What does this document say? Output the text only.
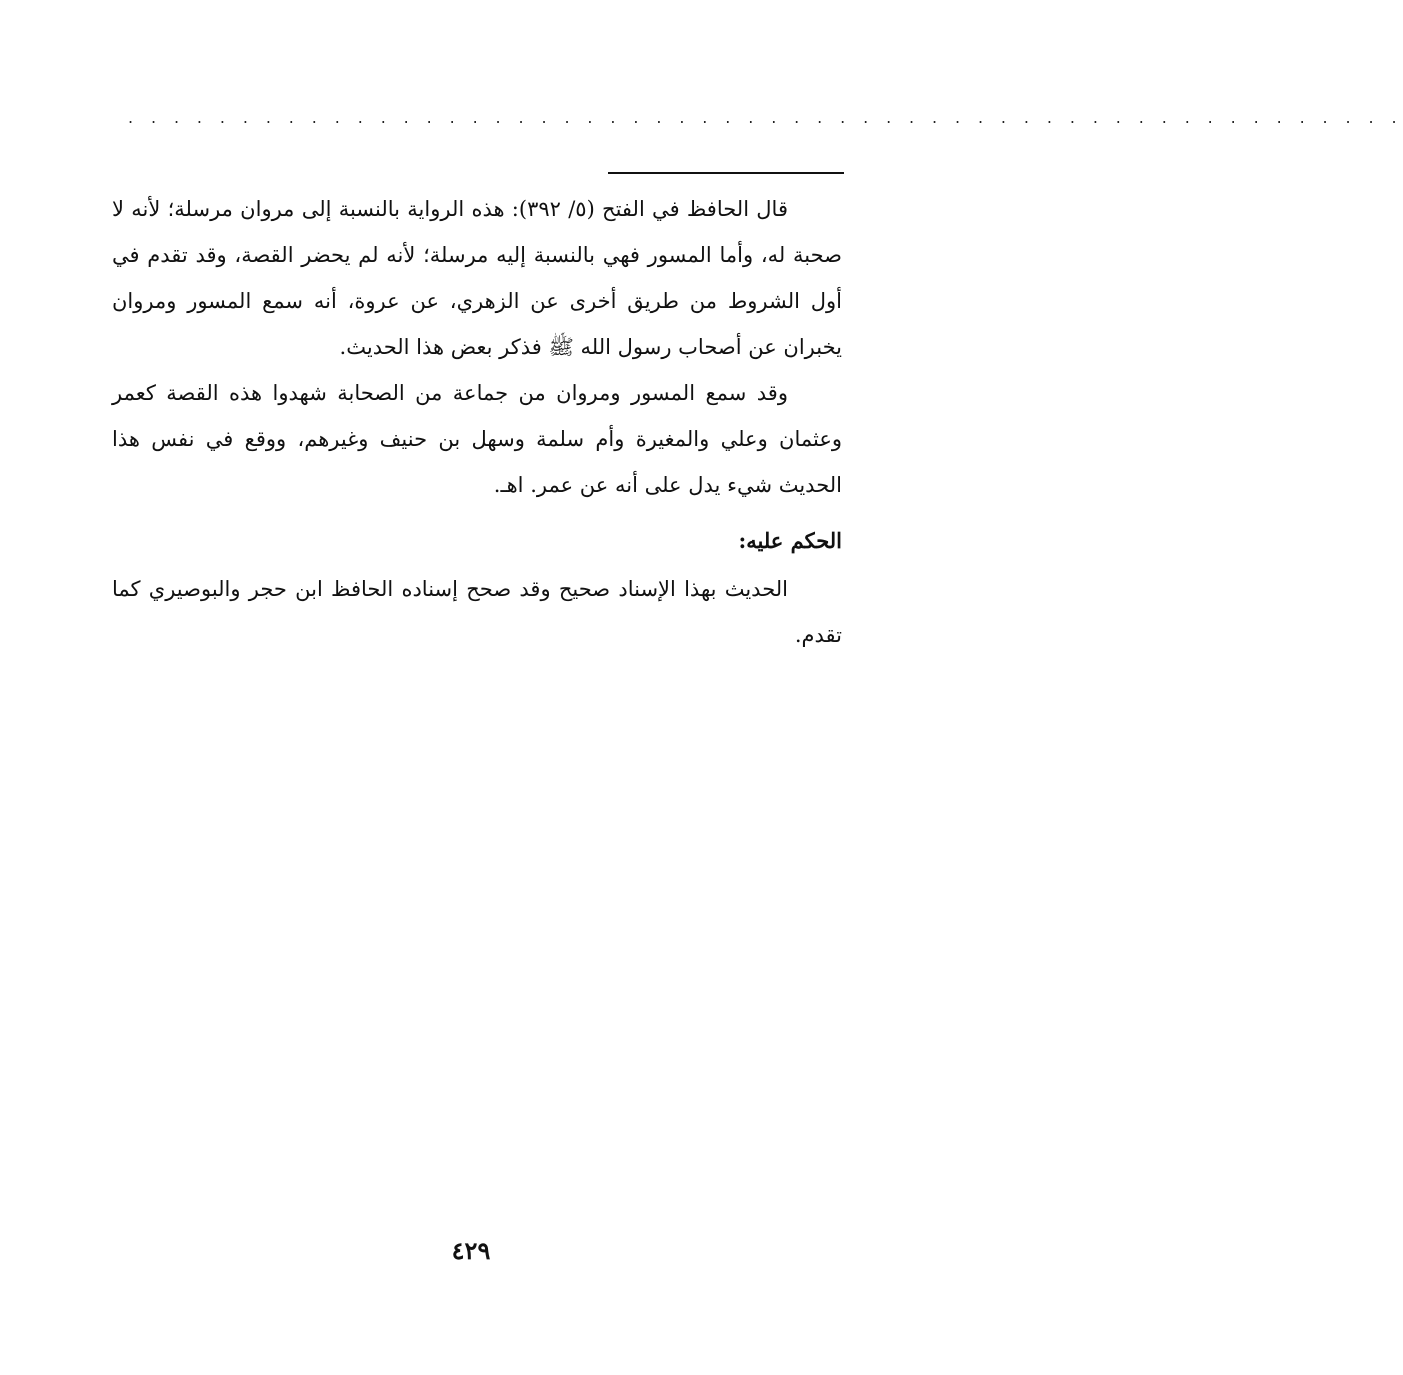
. . . . . . . . . . . . . . . . . . . . . . . . . . . . . . . . . . . . . . . . . . . . . . . . . . . . . . . .

قال الحافظ في الفتح (٥/ ٣٩٢): هذه الرواية بالنسبة إلى مروان مرسلة؛ لأنه لا صحبة له، وأما المسور فهي بالنسبة إليه مرسلة؛ لأنه لم يحضر القصة، وقد تقدم في أول الشروط من طريق أخرى عن الزهري، عن عروة، أنه سمع المسور ومروان يخبران عن أصحاب رسول الله ﷺ فذكر بعض هذا الحديث.

وقد سمع المسور ومروان من جماعة من الصحابة شهدوا هذه القصة كعمر وعثمان وعلي والمغيرة وأم سلمة وسهل بن حنيف وغيرهم، ووقع في نفس هذا الحديث شيء يدل على أنه عن عمر. اهـ.

الحكم عليه:

الحديث بهذا الإسناد صحيح وقد صحح إسناده الحافظ ابن حجر والبوصيري كما تقدم.

٤٢٩
